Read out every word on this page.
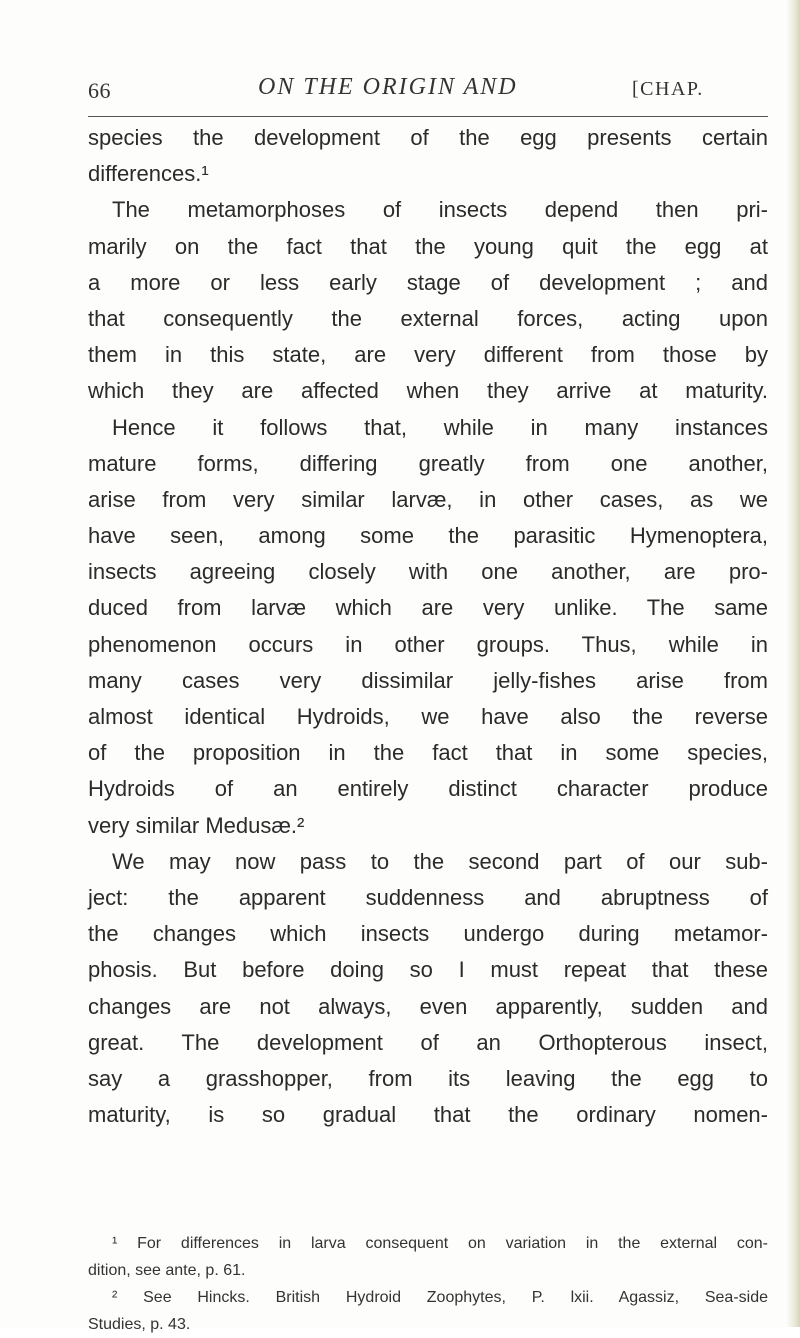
66	ON THE ORIGIN AND	[CHAP.
species the development of the egg presents certain
differences.¹
The metamorphoses of insects depend then pri-
marily on the fact that the young quit the egg at
a more or less early stage of development ; and
that consequently the external forces, acting upon
them in this state, are very different from those by
which they are affected when they arrive at maturity.
Hence it follows that, while in many instances
mature forms, differing greatly from one another,
arise from very similar larvæ, in other cases, as we
have seen, among some the parasitic Hymenoptera,
insects agreeing closely with one another, are pro-
duced from larvæ which are very unlike. The same
phenomenon occurs in other groups. Thus, while in
many cases very dissimilar jelly-fishes arise from
almost identical Hydroids, we have also the reverse
of the proposition in the fact that in some species,
Hydroids of an entirely distinct character produce
very similar Medusæ.²
We may now pass to the second part of our sub-
ject: the apparent suddenness and abruptness of
the changes which insects undergo during metamor-
phosis. But before doing so I must repeat that these
changes are not always, even apparently, sudden and
great. The development of an Orthopterous insect,
say a grasshopper, from its leaving the egg to
maturity, is so gradual that the ordinary nomen-
¹ For differences in larva consequent on variation in the external con-
dition, see ante, p. 61.
² See Hincks. British Hydroid Zoophytes, P. lxii. Agassiz, Sea-side
Studies, p. 43.
